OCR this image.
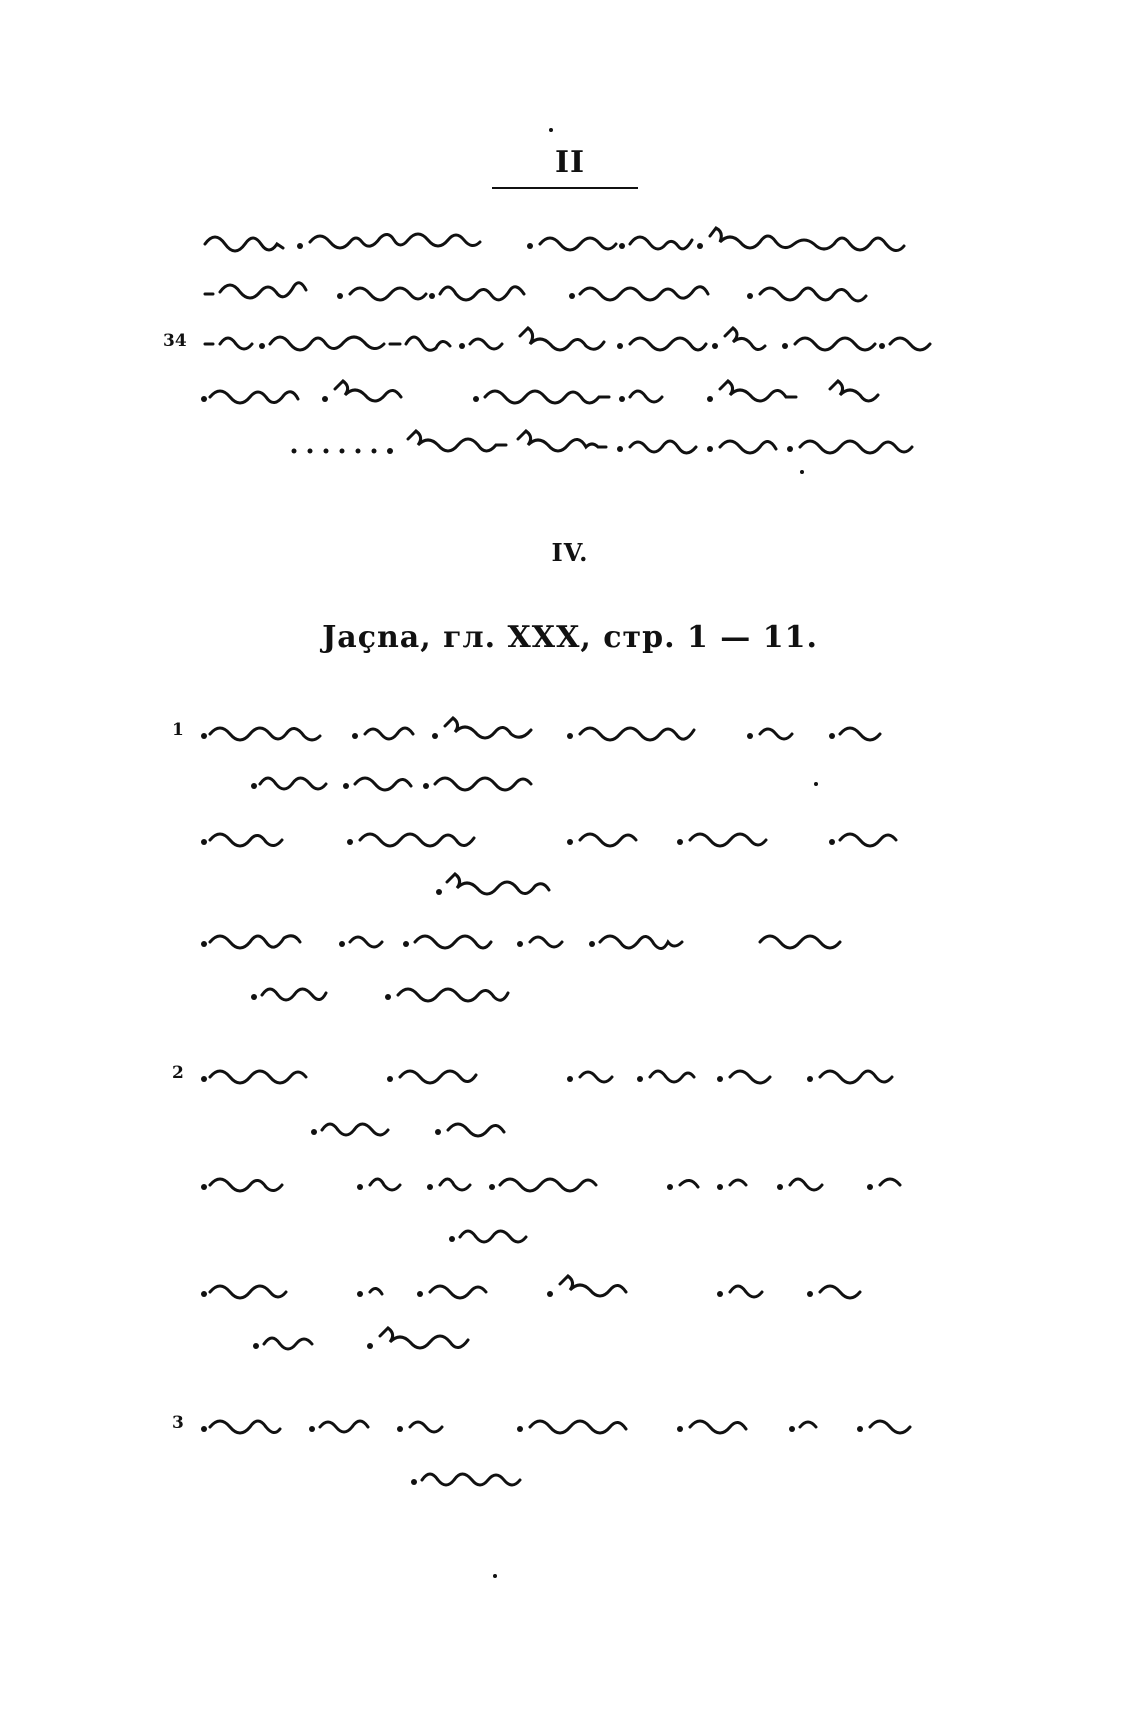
II
34
IV.
Jaçna, гл. XXX, стр. 1 — 11.
1
2
3
